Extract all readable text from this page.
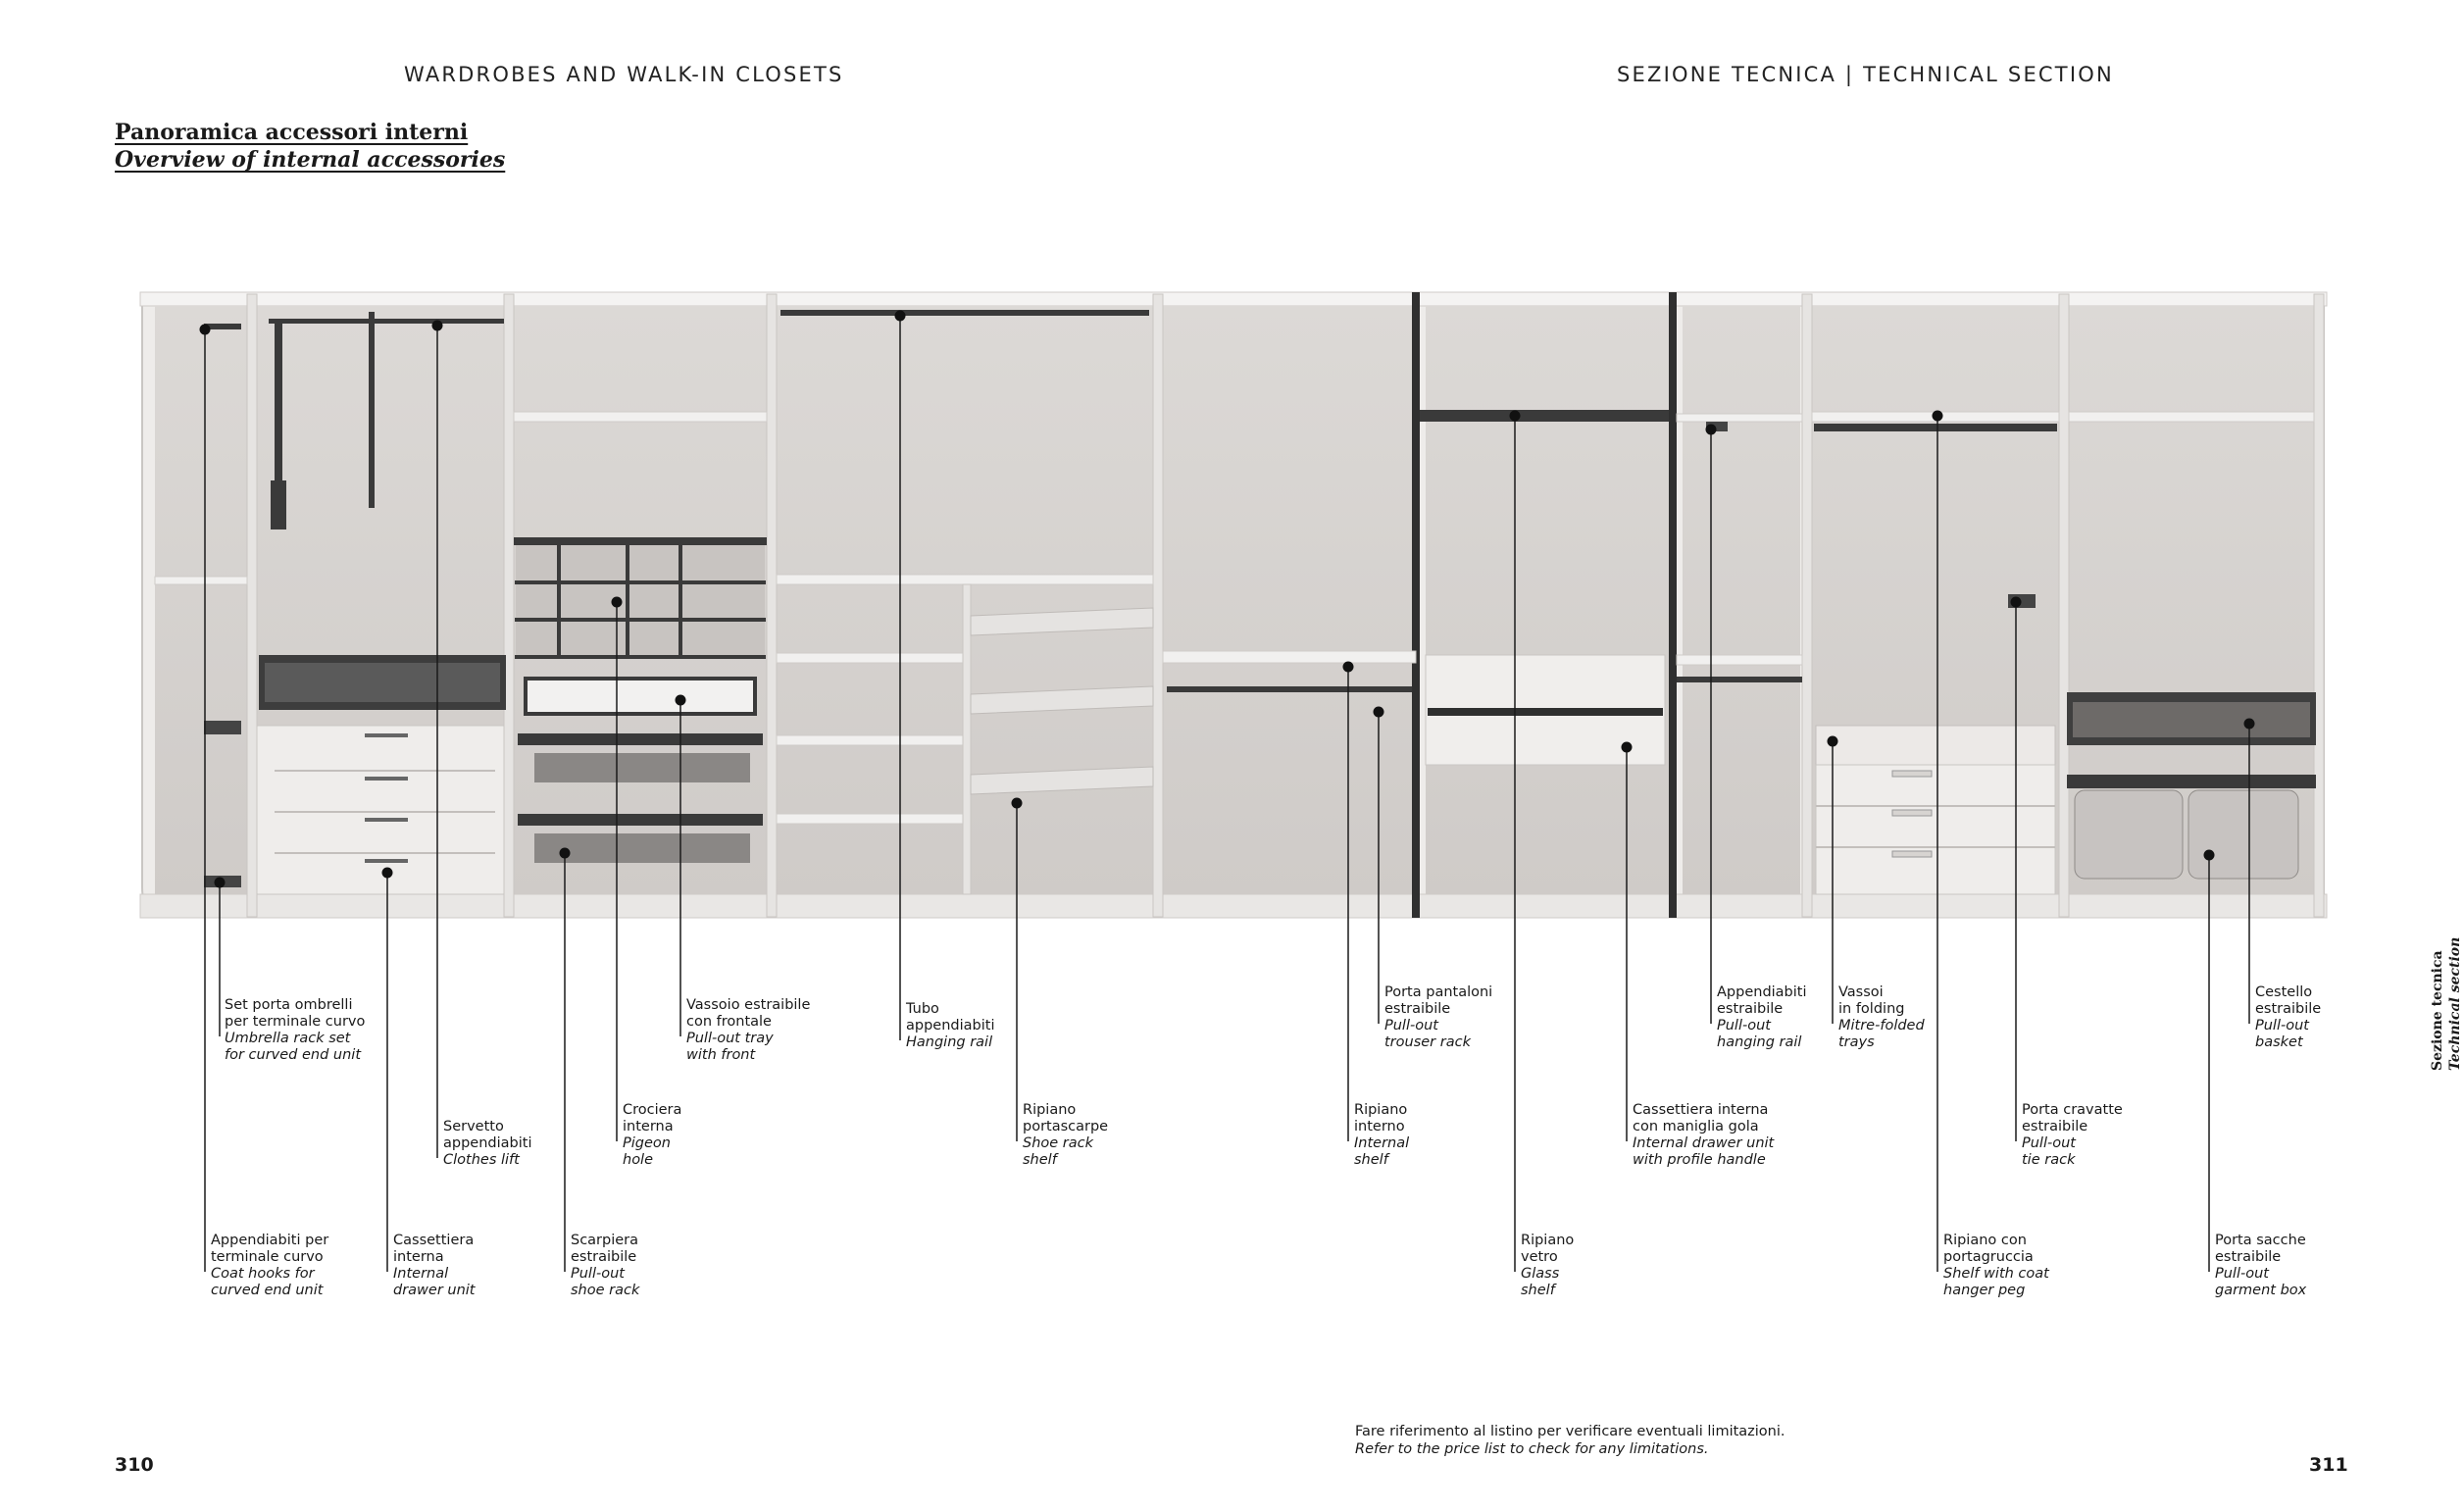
WARDROBES AND WALK-IN CLOSETS	SEZIONE TECNICA | TECHNICAL SECTION
Panoramica accessori interni
Overview of internal accessories
Set porta ombrelli
per terminale curvo
Umbrella rack set
for curved end unit
Appendiabiti per
terminale curvo
Coat hooks for
curved end unit
Servetto
appendiabiti
Clothes lift
Cassettiera
interna
Internal
drawer unit
Scarpiera
estraibile
Pull-out
shoe rack
Crociera
interna
Pigeon
hole
Vassoio estraibile
con frontale
Pull-out tray
with front
Tubo
appendiabiti
Hanging rail
Ripiano
portascarpe
Shoe rack
shelf
Ripiano
interno
Internal
shelf
Porta pantaloni
estraibile
Pull-out
trouser rack
Ripiano
vetro
Glass
shelf
Cassettiera interna
con maniglia gola
Internal drawer unit
with profile handle
Appendiabiti
estraibile
Pull-out
hanging rail
Vassoi
in folding
Mitre-folded
trays
Ripiano con
portagruccia
Shelf with coat
hanger peg
Porta cravatte
estraibile
Pull-out
tie rack
Porta sacche
estraibile
Pull-out
garment box
Cestello
estraibile
Pull-out
basket
Fare riferimento al listino per verificare eventuali limitazioni.
Refer to the price list to check for any limitations.
310	311
Sezione tecnica Technical section
